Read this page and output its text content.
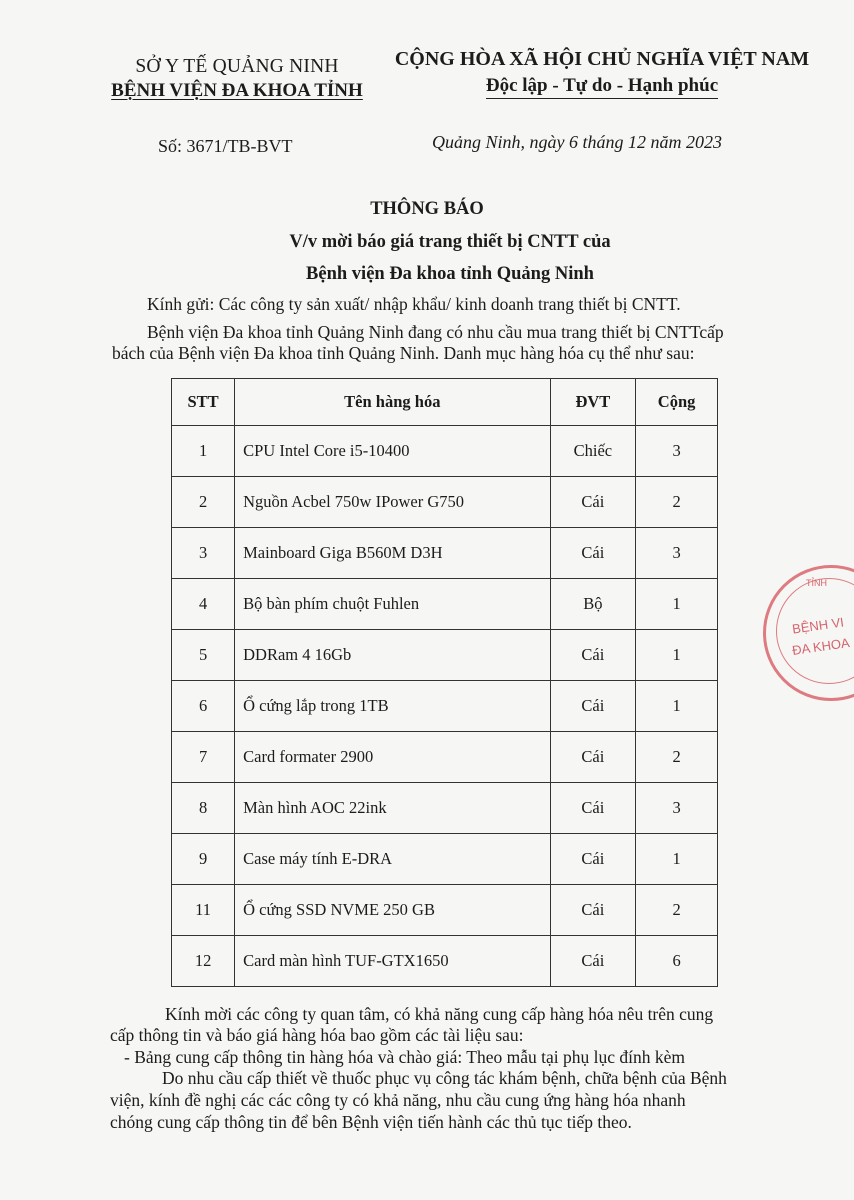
SỞ Y TẾ QUẢNG NINH
BỆNH VIỆN ĐA KHOA TỈNH
CỘNG HÒA XÃ HỘI CHỦ NGHĨA VIỆT NAM
Độc lập - Tự do - Hạnh phúc
Số: 3671/TB-BVT	Quảng Ninh, ngày 6 tháng 12 năm 2023
THÔNG BÁO
V/v mời báo giá trang thiết bị CNTT của
Bệnh viện Đa khoa tỉnh Quảng Ninh
Kính gửi: Các công ty sản xuất/ nhập khẩu/ kinh doanh trang thiết bị CNTT.
Bệnh viện Đa khoa tỉnh Quảng Ninh đang có nhu cầu mua trang thiết bị CNTTcấp
bách của Bệnh viện Đa khoa tỉnh Quảng Ninh. Danh mục hàng hóa cụ thể như sau:
STT	Tên hàng hóa	ĐVT	Cộng
1	CPU Intel Core i5-10400	Chiếc	3
2	Nguồn Acbel 750w IPower G750	Cái	2
3	Mainboard Giga B560M D3H	Cái	3
4	Bộ bàn phím chuột Fuhlen	Bộ	1
5	DDRam 4 16Gb	Cái	1
6	Ổ cứng lắp trong 1TB	Cái	1
7	Card formater 2900	Cái	2
8	Màn hình AOC 22ink	Cái	3
9	Case máy tính E-DRA	Cái	1
11	Ổ cứng SSD NVME 250 GB	Cái	2
12	Card màn hình TUF-GTX1650	Cái	6
Kính mời các công ty quan tâm, có khả năng cung cấp hàng hóa nêu trên cung
cấp thông tin và báo giá hàng hóa bao gồm các tài liệu sau:
- Bảng cung cấp thông tin hàng hóa và chào giá: Theo mẫu tại phụ lục đính kèm
Do nhu cầu cấp thiết về thuốc phục vụ công tác khám bệnh, chữa bệnh của Bệnh
viện, kính đề nghị các các công ty có khả năng, nhu cầu cung ứng hàng hóa nhanh
chóng cung cấp thông tin để bên Bệnh viện tiến hành các thủ tục tiếp theo.
TỈNH
BỆNH VI
ĐA KHOA
